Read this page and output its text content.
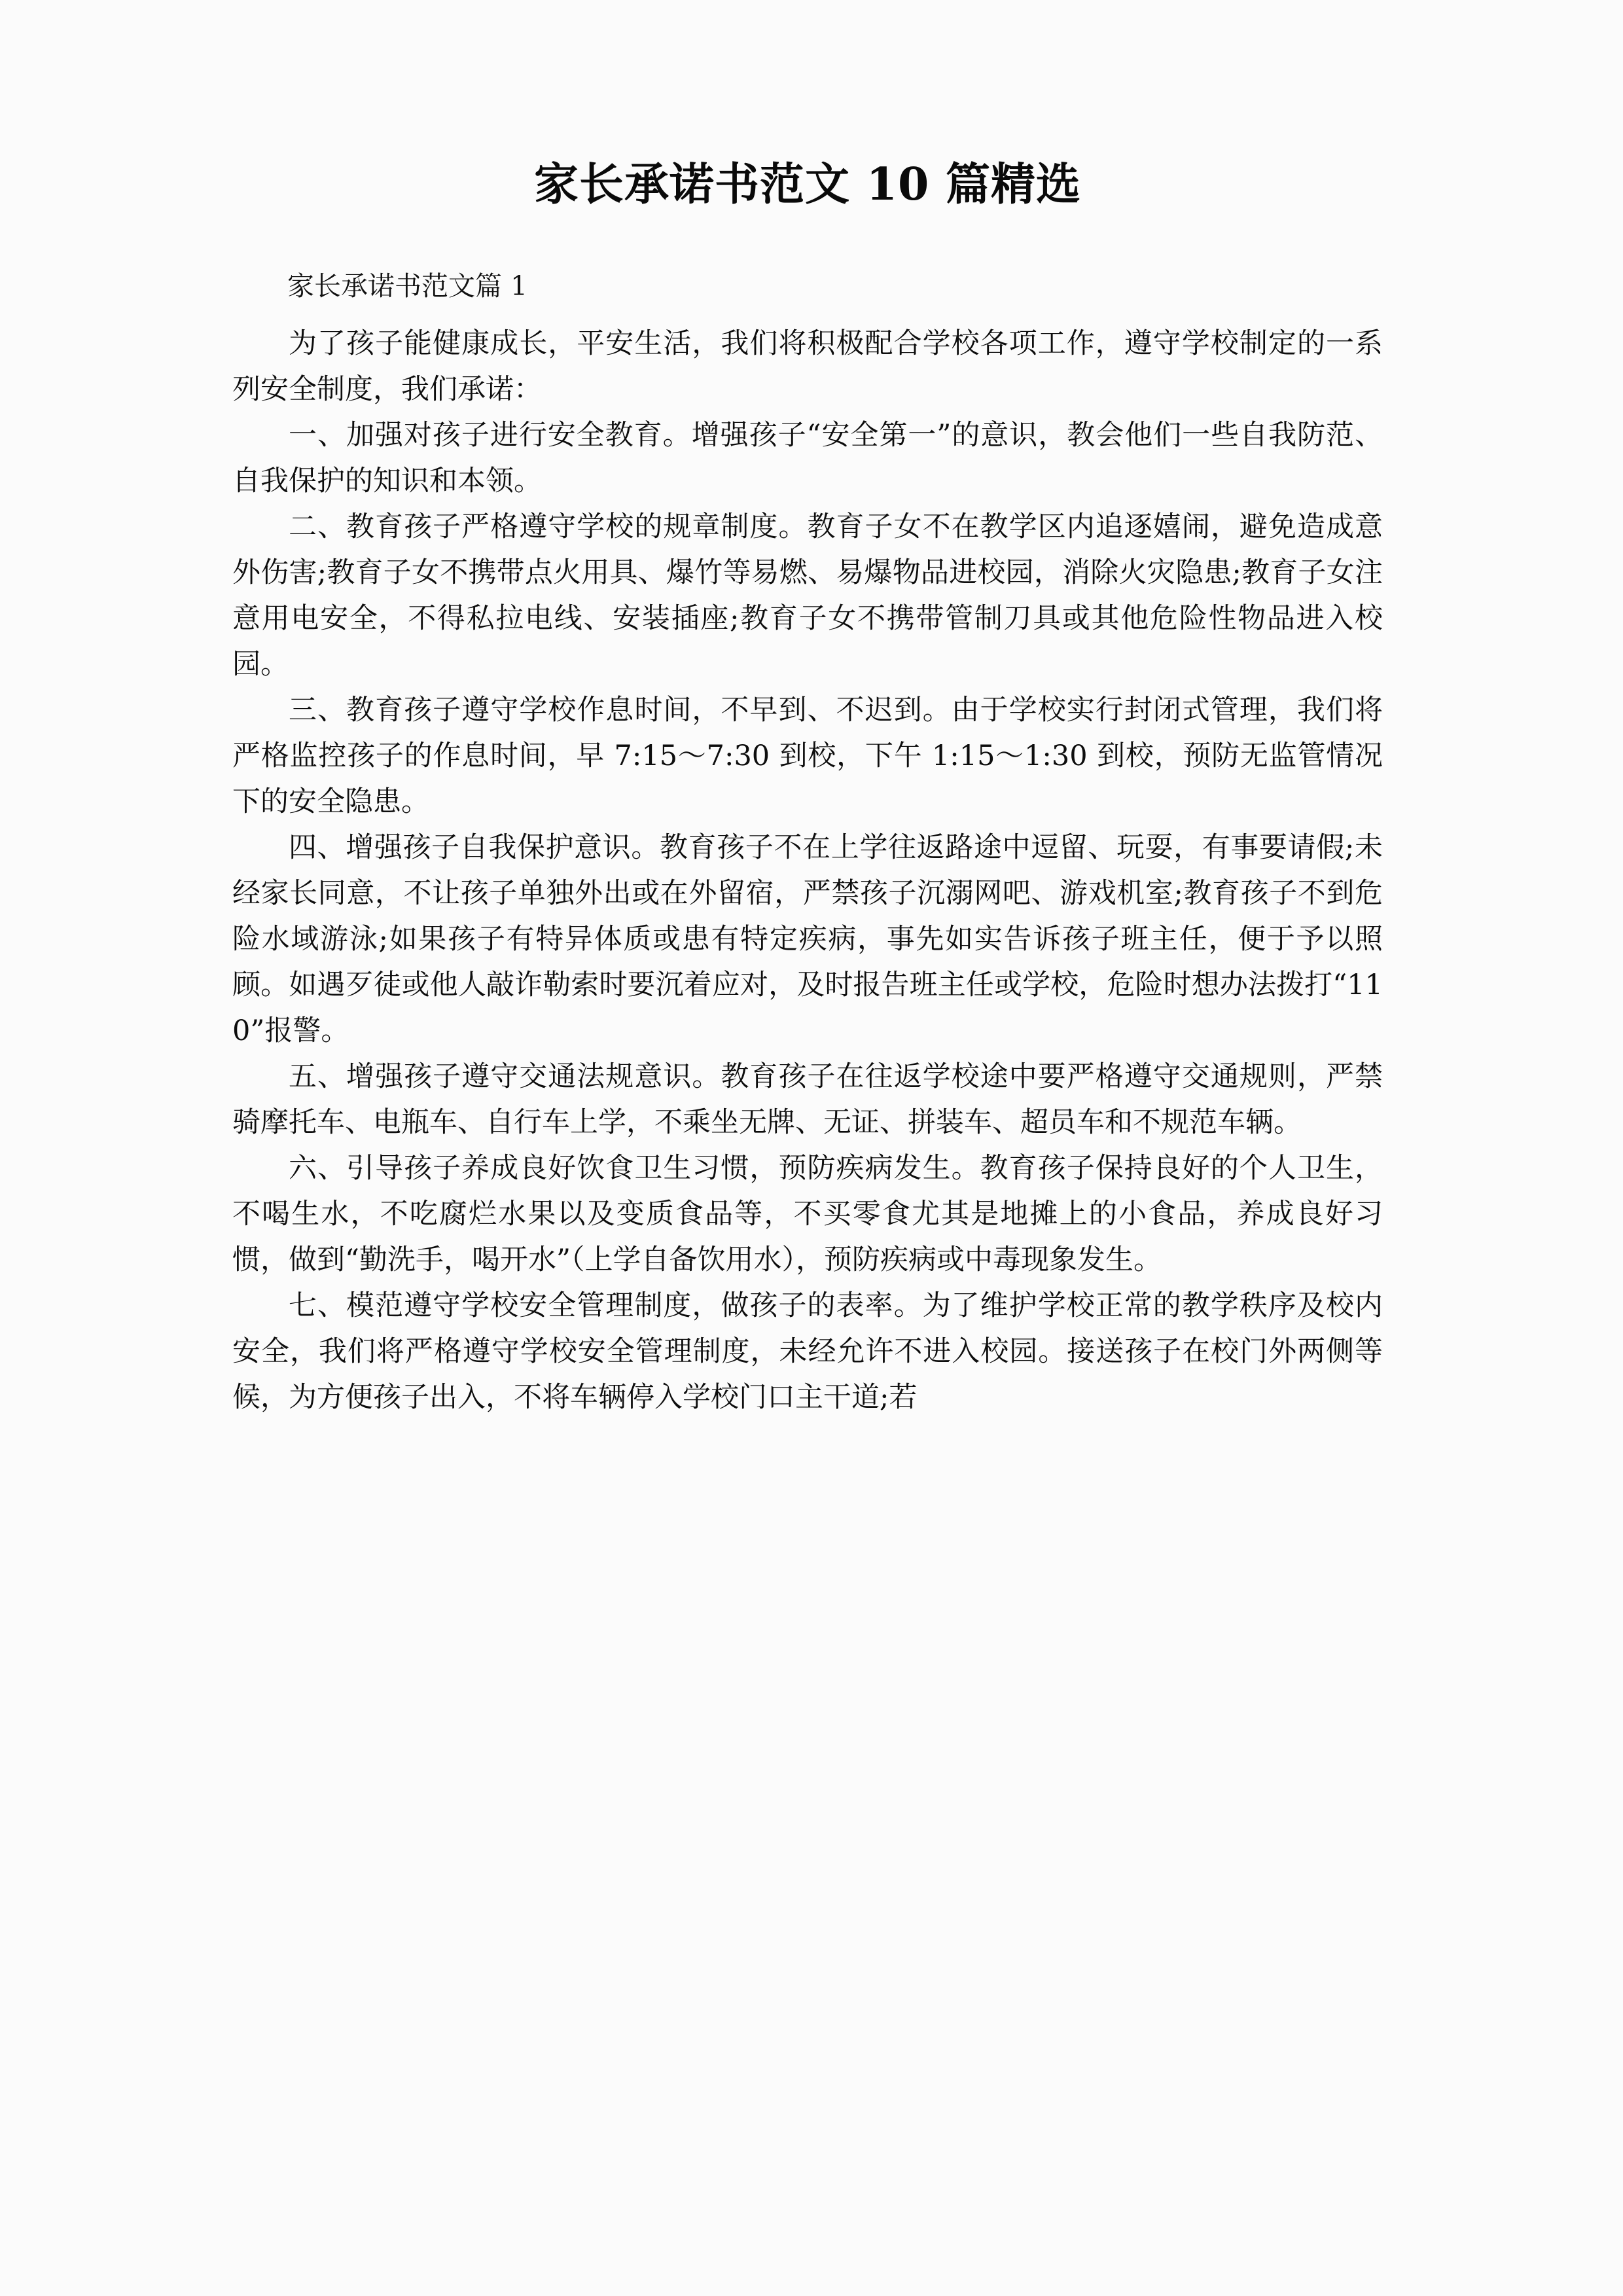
家长承诺书范文 10 篇精选

家长承诺书范文篇 1

为了孩子能健康成长，平安生活，我们将积极配合学校各项工作，遵守学校制定的一系列安全制度，我们承诺：

一、加强对孩子进行安全教育。增强孩子“安全第一”的意识，教会他们一些自我防范、自我保护的知识和本领。

二、教育孩子严格遵守学校的规章制度。教育子女不在教学区内追逐嬉闹，避免造成意外伤害;教育子女不携带点火用具、爆竹等易燃、易爆物品进校园，消除火灾隐患;教育子女注意用电安全，不得私拉电线、安装插座;教育子女不携带管制刀具或其他危险性物品进入校园。

三、教育孩子遵守学校作息时间，不早到、不迟到。由于学校实行封闭式管理，我们将严格监控孩子的作息时间，早 7:15～7:30 到校，下午 1:15～1:30 到校，预防无监管情况下的安全隐患。

四、增强孩子自我保护意识。教育孩子不在上学往返路途中逗留、玩耍，有事要请假;未经家长同意，不让孩子单独外出或在外留宿，严禁孩子沉溺网吧、游戏机室;教育孩子不到危险水域游泳;如果孩子有特异体质或患有特定疾病，事先如实告诉孩子班主任，便于予以照顾。如遇歹徒或他人敲诈勒索时要沉着应对，及时报告班主任或学校，危险时想办法拨打“110”报警。

五、增强孩子遵守交通法规意识。教育孩子在往返学校途中要严格遵守交通规则，严禁骑摩托车、电瓶车、自行车上学，不乘坐无牌、无证、拼装车、超员车和不规范车辆。

六、引导孩子养成良好饮食卫生习惯，预防疾病发生。教育孩子保持良好的个人卫生，不喝生水，不吃腐烂水果以及变质食品等，不买零食尤其是地摊上的小食品，养成良好习惯，做到“勤洗手，喝开水”（上学自备饮用水），预防疾病或中毒现象发生。

七、模范遵守学校安全管理制度，做孩子的表率。为了维护学校正常的教学秩序及校内安全，我们将严格遵守学校安全管理制度，未经允许不进入校园。接送孩子在校门外两侧等候，为方便孩子出入，不将车辆停入学校门口主干道;若
